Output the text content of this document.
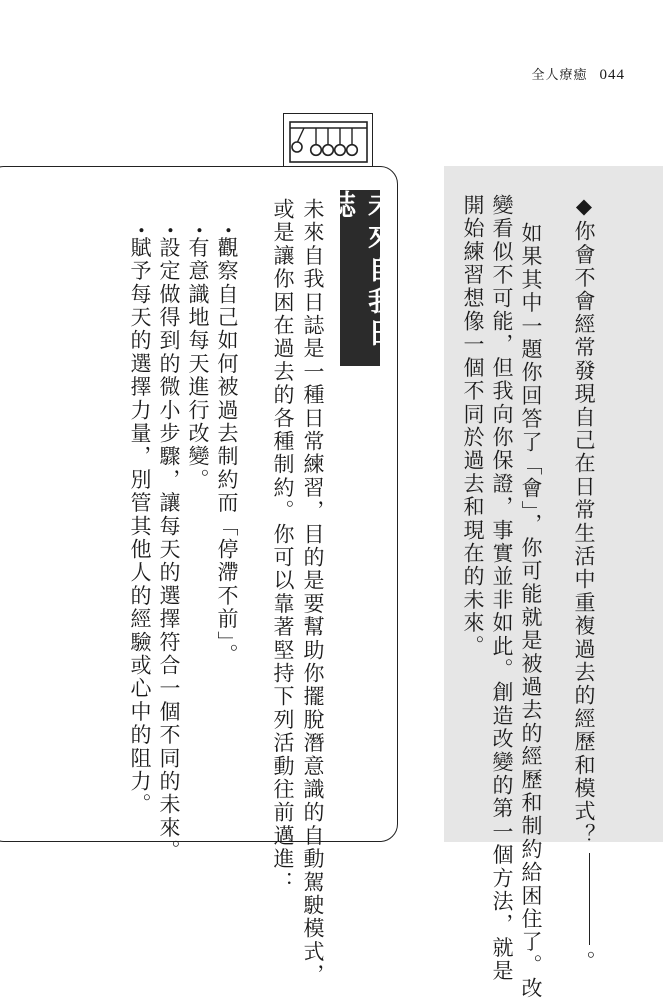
全人療癒 044
◆你會不會經常發現自己在日常生活中重複過去的經歷和模式？。
如果其中一題你回答了「會」，你可能就是被過去的經歷和制約給困住了。改
變看似不可能，但我向你保證，事實並非如此。創造改變的第一個方法，就是
開始練習想像一個不同於過去和現在的未來。
未來自我日誌
未來自我日誌是一種日常練習，目的是要幫助你擺脫潛意識的自動駕駛模式，
或是讓你困在過去的各種制約。你可以靠著堅持下列活動往前邁進：
•觀察自己如何被過去制約而「停滯不前」。
•有意識地每天進行改變。
•設定做得到的微小步驟，讓每天的選擇符合一個不同的未來。
•賦予每天的選擇力量，別管其他人的經驗或心中的阻力。
